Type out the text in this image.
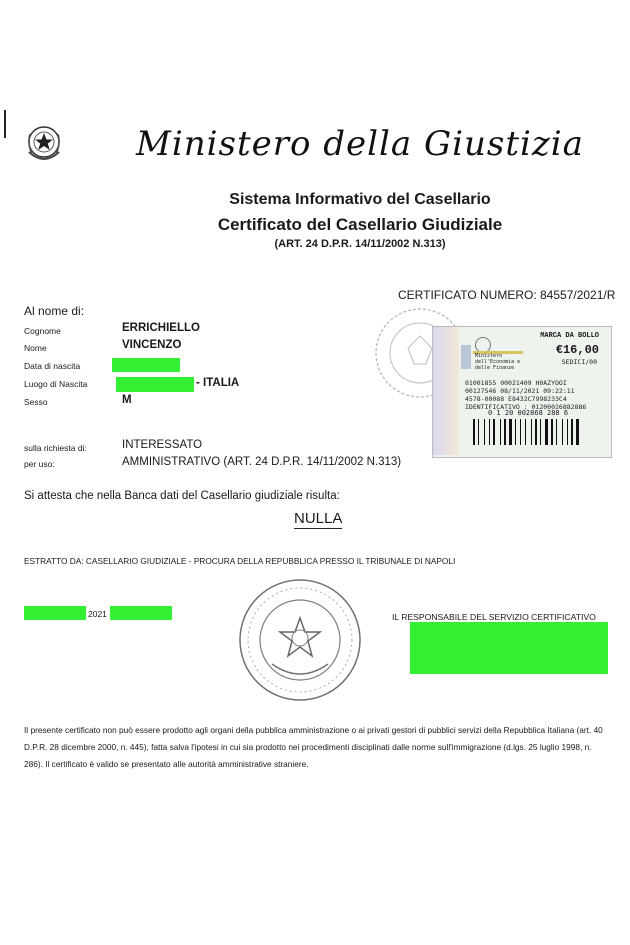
Ministero della Giustizia
Sistema Informativo del Casellario
Certificato del Casellario Giudiziale
(ART. 24 D.P.R. 14/11/2002 N.313)
CERTIFICATO NUMERO: 84557/2021/R
Al nome di:
Cognome	ERRICHIELLO
Nome	VINCENZO
Data di nascita
Luogo di Nascita	- ITALIA
Sesso	M
sulla richiesta di:	INTERESSATO
per uso:	AMMINISTRATIVO (ART. 24 D.P.R. 14/11/2002 N.313)
Si attesta che nella Banca dati del Casellario giudiziale risulta:
NULLA
ESTRATTO DA: CASELLARIO GIUDIZIALE - PROCURA DELLA REPUBBLICA PRESSO IL TRIBUNALE DI NAPOLI
2021	IL RESPONSABILE DEL SERVIZIO CERTIFICATIVO
Il presente certificato non può essere prodotto agli organi della pubblica amministrazione o ai privati gestori di pubblici servizi della Repubblica Italiana (art. 40 D.P.R. 28 dicembre 2000, n. 445), fatta salva l'ipotesi in cui sia prodotto nei procedimenti disciplinati dalle norme sull'immigrazione (d.lgs. 25 luglio 1998, n. 286). Il certificato è valido se presentato alle autorità amministrative straniere.
MARCA DA BOLLO
€16,00
SEDICI/00
Ministero dell'Economia e delle Finanze
01001855 00021409 H0AZYOOI
00127546 08/11/2021 09:22:11
4578-00088 E8432C7998233C4
IDENTIFICATIVO : 01200026882886
0 1 20 002868 288 6
